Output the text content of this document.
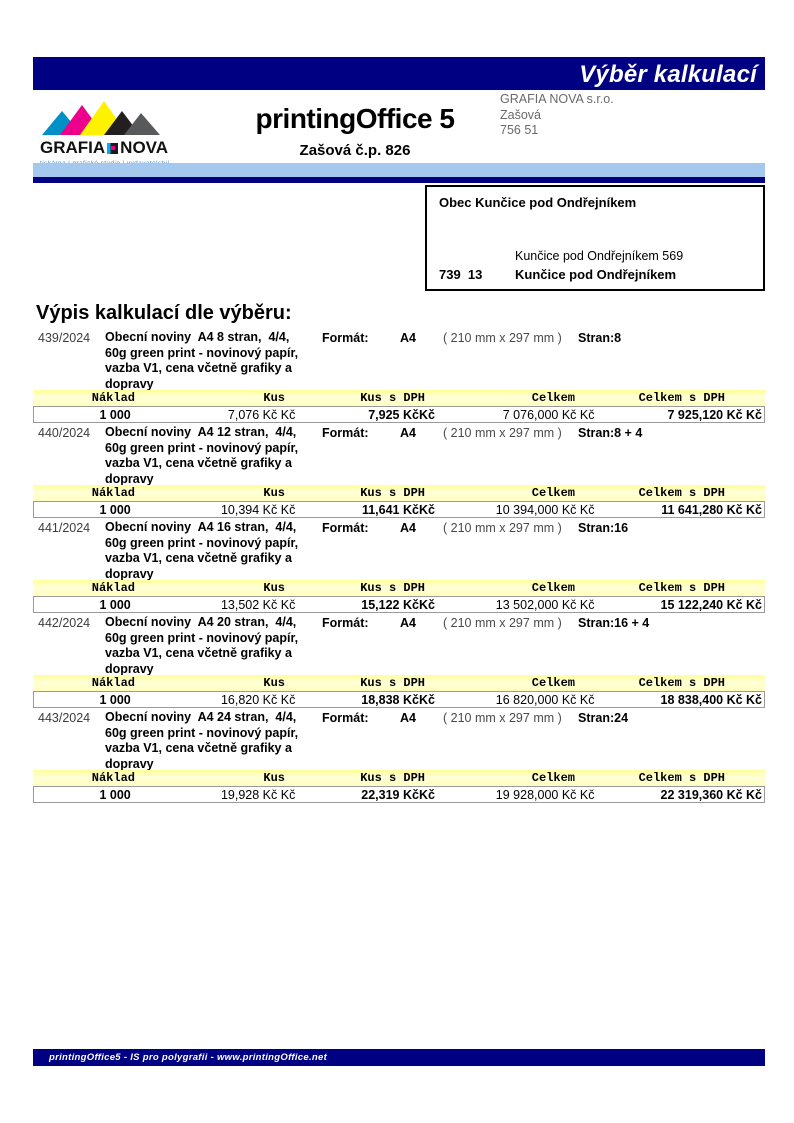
Výběr kalkulací
GRAFIA NOVA
printingOffice 5
Zašová č.p. 826
GRAFIA NOVA s.r.o.
Zašová
756 51
Obec Kunčice pod Ondřejníkem
Kunčice pod Ondřejníkem 569
739  13	Kunčice pod Ondřejníkem
Výpis kalkulací dle výběru:
439/2024 Obecní noviny  A4 8 stran,  4/4,
60g green print - novinový papír,
vazba V1, cena včetně grafiky a
dopravy
Formát:	A4 ( 210 mm x 297 mm ) Stran:8
Náklad	Kus	Kus s DPH	Celkem	Celkem s DPH
1 000	7,076 Kč Kč	7,925 KčKč	7 076,000 Kč Kč	7 925,120 Kč Kč
440/2024 Obecní noviny  A4 12 stran,  4/4,
60g green print - novinový papír,
vazba V1, cena včetně grafiky a
dopravy
Formát:	A4 ( 210 mm x 297 mm ) Stran:8 + 4
Náklad	Kus	Kus s DPH	Celkem	Celkem s DPH
1 000	10,394 Kč Kč	11,641 KčKč	10 394,000 Kč Kč	11 641,280 Kč Kč
441/2024 Obecní noviny  A4 16 stran,  4/4,
60g green print - novinový papír,
vazba V1, cena včetně grafiky a
dopravy
Formát:	A4 ( 210 mm x 297 mm ) Stran:16
Náklad	Kus	Kus s DPH	Celkem	Celkem s DPH
1 000	13,502 Kč Kč	15,122 KčKč	13 502,000 Kč Kč	15 122,240 Kč Kč
442/2024 Obecní noviny  A4 20 stran,  4/4,
60g green print - novinový papír,
vazba V1, cena včetně grafiky a
dopravy
Formát:	A4 ( 210 mm x 297 mm ) Stran:16 + 4
Náklad	Kus	Kus s DPH	Celkem	Celkem s DPH
1 000	16,820 Kč Kč	18,838 KčKč	16 820,000 Kč Kč	18 838,400 Kč Kč
443/2024 Obecní noviny  A4 24 stran,  4/4,
60g green print - novinový papír,
vazba V1, cena včetně grafiky a
dopravy
Formát:	A4 ( 210 mm x 297 mm ) Stran:24
Náklad	Kus	Kus s DPH	Celkem	Celkem s DPH
1 000	19,928 Kč Kč	22,319 KčKč	19 928,000 Kč Kč	22 319,360 Kč Kč
printingOffice5 - IS pro polygrafii - www.printingOffice.net
